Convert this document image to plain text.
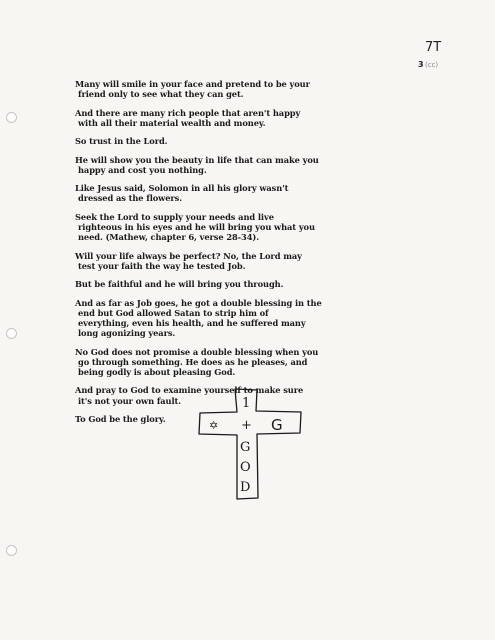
7T
3 (cc)
Many will smile in your face and pretend to be your
friend only to see what they can get.
And there are many rich people that aren't happy
with all their material wealth and money.
So trust in the Lord.
He will show you the beauty in life that can make you
happy and cost you nothing.
Like Jesus said, Solomon in all his glory wasn't
dressed as the flowers.
Seek the Lord to supply your needs and live
righteous in his eyes and he will bring you what you
need. (Mathew, chapter 6, verse 28-34).
Will your life always be perfect? No, the Lord may
test your faith the way he tested Job.
But be faithful and he will bring you through.
And as far as Job goes, he got a double blessing in the
end but God allowed Satan to strip him of
everything, even his health, and he suffered many
long agonizing years.
No God does not promise a double blessing when you
go through something. He does as he pleases, and
being godly is about pleasing God.
And pray to God to examine yourself to make sure
it's not your own fault.
To God be the glory.
✡	G
1
+
G
O
D
